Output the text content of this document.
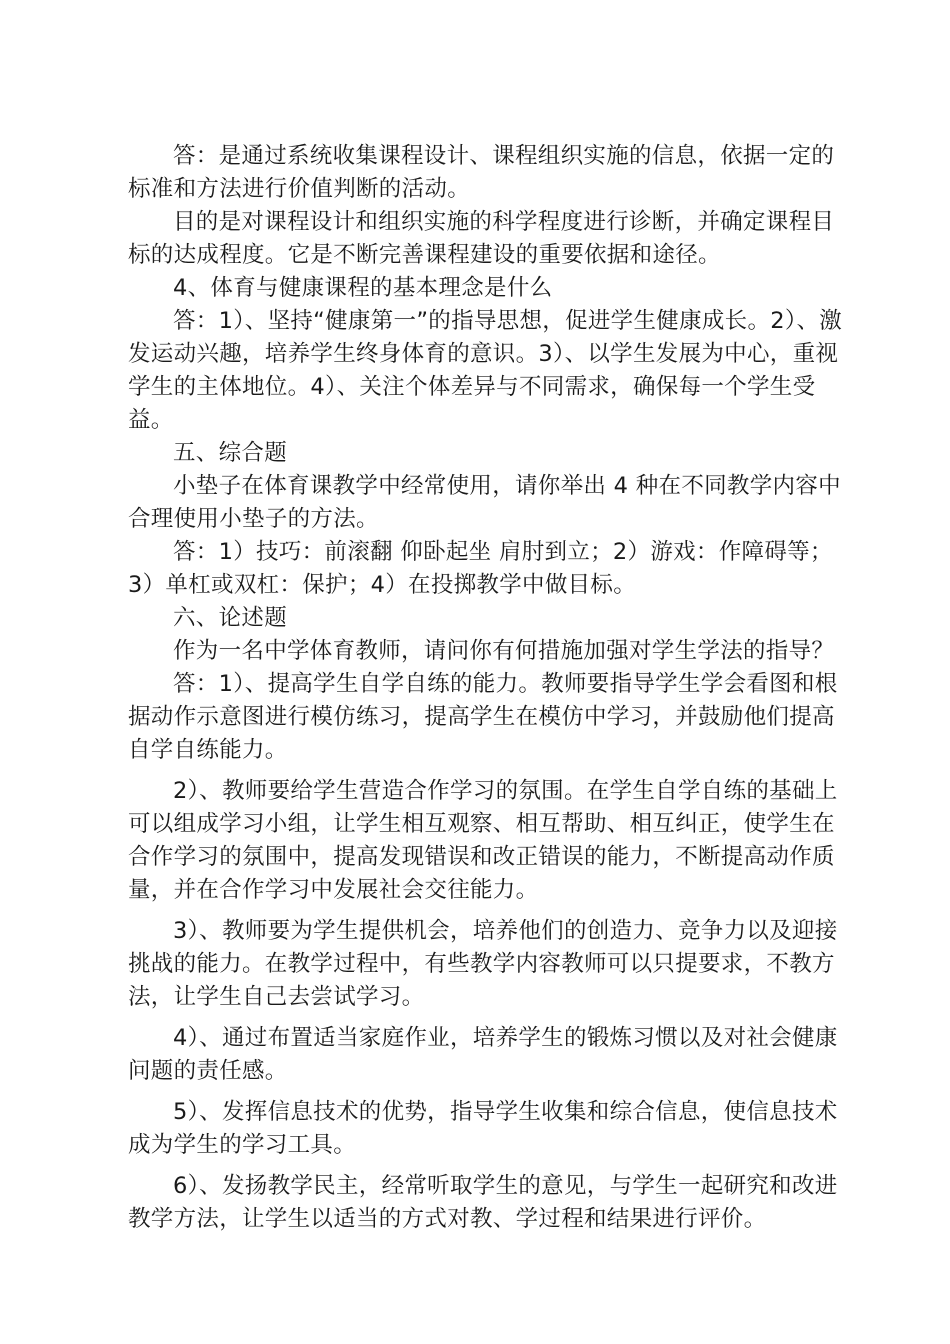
答：是通过系统收集课程设计、课程组织实施的信息，依据一定的标准和方法进行价值判断的活动。

目的是对课程设计和组织实施的科学程度进行诊断，并确定课程目标的达成程度。它是不断完善课程建设的重要依据和途径。

4、体育与健康课程的基本理念是什么

答：1）、坚持“健康第一”的指导思想，促进学生健康成长。2）、激发运动兴趣，培养学生终身体育的意识。3）、以学生发展为中心，重视学生的主体地位。4）、关注个体差异与不同需求，确保每一个学生受益。

五、综合题

小垫子在体育课教学中经常使用，请你举出 4 种在不同教学内容中合理使用小垫子的方法。

答：1）技巧：前滚翻 仰卧起坐 肩肘到立；2）游戏：作障碍等；3）单杠或双杠：保护；4）在投掷教学中做目标。

六、论述题

作为一名中学体育教师，请问你有何措施加强对学生学法的指导？

答：1）、提高学生自学自练的能力。教师要指导学生学会看图和根据动作示意图进行模仿练习，提高学生在模仿中学习，并鼓励他们提高自学自练能力。

2）、教师要给学生营造合作学习的氛围。在学生自学自练的基础上可以组成学习小组，让学生相互观察、相互帮助、相互纠正，使学生在合作学习的氛围中，提高发现错误和改正错误的能力，不断提高动作质量，并在合作学习中发展社会交往能力。

3）、教师要为学生提供机会，培养他们的创造力、竞争力以及迎接挑战的能力。在教学过程中，有些教学内容教师可以只提要求，不教方法，让学生自己去尝试学习。

4）、通过布置适当家庭作业，培养学生的锻炼习惯以及对社会健康问题的责任感。

5）、发挥信息技术的优势，指导学生收集和综合信息，使信息技术成为学生的学习工具。

6）、发扬教学民主，经常听取学生的意见，与学生一起研究和改进教学方法，让学生以适当的方式对教、学过程和结果进行评价。
